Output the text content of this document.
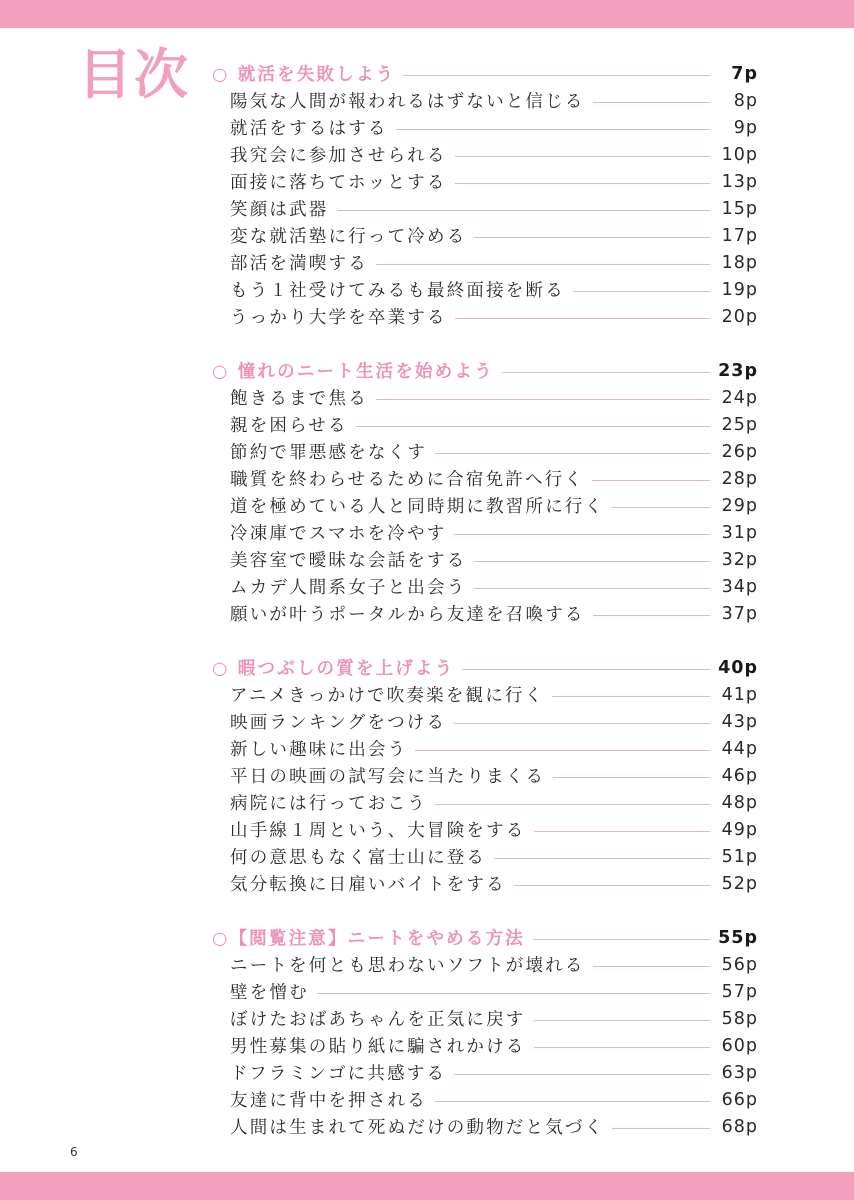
目次 ○ 就活を失敗しよう	7p
陽気な人間が報われるはずないと信じる	8p
就活をするはする	9p
我究会に参加させられる	10p
面接に落ちてホッとする	13p
笑顔は武器	15p
変な就活塾に行って冷める	17p
部活を満喫する	18p
もう１社受けてみるも最終面接を断る	19p
うっかり大学を卒業する	20p
○ 憧れのニート生活を始めよう	23p
飽きるまで焦る	24p
親を困らせる	25p
節約で罪悪感をなくす	26p
職質を終わらせるために合宿免許へ行く	28p
道を極めている人と同時期に教習所に行く	29p
冷凍庫でスマホを冷やす	31p
美容室で曖昧な会話をする	32p
ムカデ人間系女子と出会う	34p
願いが叶うポータルから友達を召喚する	37p
○ 暇つぶしの質を上げよう	40p
アニメきっかけで吹奏楽を観に行く	41p
映画ランキングをつける	43p
新しい趣味に出会う	44p
平日の映画の試写会に当たりまくる	46p
病院には行っておこう	48p
山手線１周という、大冒険をする	49p
何の意思もなく富士山に登る	51p
気分転換に日雇いバイトをする	52p
○【閲覧注意】ニートをやめる方法	55p
ニートを何とも思わないソフトが壊れる	56p
壁を憎む	57p
ぼけたおばあちゃんを正気に戻す	58p
男性募集の貼り紙に騙されかける	60p
ドフラミンゴに共感する	63p
友達に背中を押される	66p
人間は生まれて死ぬだけの動物だと気づく	68p
6
